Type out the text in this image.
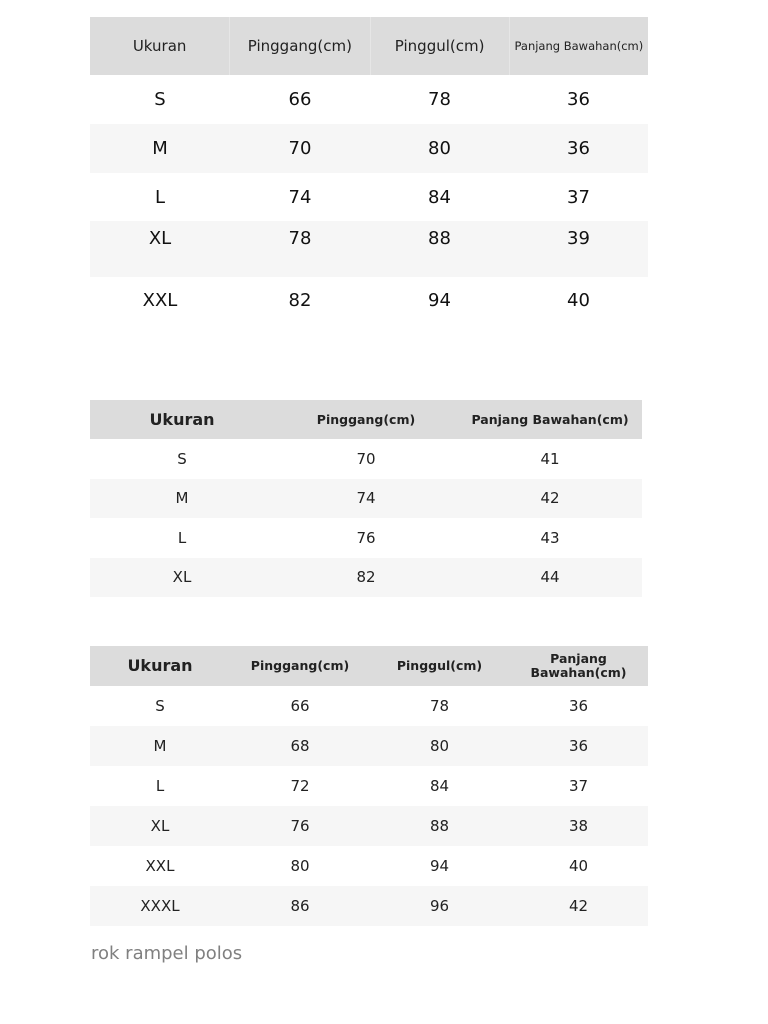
Ukuran	Pinggang(cm)	Pinggul(cm)	Panjang Bawahan(cm)
S	66	78	36
M	70	80	36
L	74	84	37
XL	78	88	39
XXL	82	94	40
Ukuran	Pinggang(cm)	Panjang Bawahan(cm)
S	70	41
M	74	42
L	76	43
XL	82	44
Ukuran	Pinggang(cm)	Pinggul(cm)	Panjang Bawahan(cm)
S	66	78	36
M	68	80	36
L	72	84	37
XL	76	88	38
XXL	80	94	40
XXXL	86	96	42
rok rampel polos
